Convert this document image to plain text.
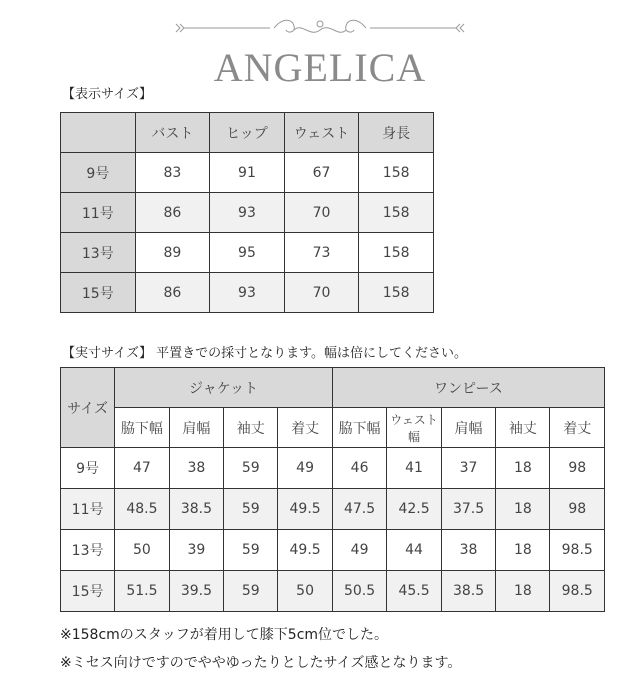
ANGELICA
【表示サイズ】
	バスト	ヒップ	ウェスト	身長
9号	83	91	67	158
11号	86	93	70	158
13号	89	95	73	158
15号	86	93	70	158
【実寸サイズ】 平置きでの採寸となります。幅は倍にしてください。
サイズ	ジャケット				ワンピース				
	脇下幅	肩幅	袖丈	着丈	脇下幅	ウェスト幅	肩幅	袖丈	着丈
9号	47	38	59	49	46	41	37	18	98
11号	48.5	38.5	59	49.5	47.5	42.5	37.5	18	98
13号	50	39	59	49.5	49	44	38	18	98.5
15号	51.5	39.5	59	50	50.5	45.5	38.5	18	98.5
※158cmのスタッフが着用して膝下5cm位でした。
※ミセス向けですのでややゆったりとしたサイズ感となります。
